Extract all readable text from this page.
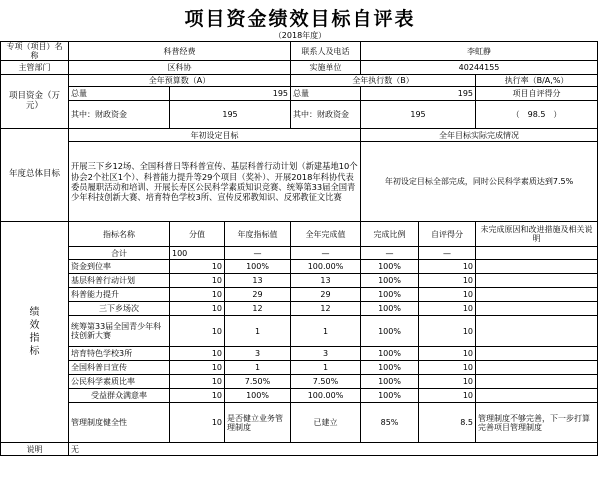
项目资金绩效目标自评表
（2018年度）
专项（项目）名称	科普经费			联系人及电话	李虹静		
主管部门	区科协			实施单位	40244155		
项目资金（万元）	全年预算数（A）			全年执行数（B）			执行率（B/A,%）
	总量	195		总量	195		项目自评得分
	其中：财政资金	195		其中：财政资金	195		（　98.5　）
年度总体目标	年初设定目标				全年目标实际完成情况		
	开展三下乡12场、全国科普日等科普宣传、基层科普行动计划（新建基地10个协会2个社区1个）、科普能力提升等29个项目（奖补）、开展2018年科协代表委员履职活动和培训、开展长寿区公民科学素质知识竞赛、统筹第33届全国青少年科技创新大赛、培育特色学校3所、宣传反邪教知识、反邪教征文比赛				年初设定目标全部完成，同时公民科学素质达到7.5%		
绩效指标	指标名称	分值	年度指标值	全年完成值	完成比例	自评得分	未完成原因和改进措施及相关说明
	合计	100	—	—	—	—	
	资金到位率	10	100%	100.00%	100%	10	
	基层科普行动计划	10	13	13	100%	10	
	科普能力提升	10	29	29	100%	10	
	三下乡场次	10	12	12	100%	10	
	统筹第33届全国青少年科技创新大赛	10	1	1	100%	10	
	培育特色学校3所	10	3	3	100%	10	
	全国科普日宣传	10	1	1	100%	10	
	公民科学素质比率	10	7.50%	7.50%	100%	10	
	受益群众满意率	10	100%	100.00%	100%	10	
	管理制度健全性	10	是否健立业务管理制度	已建立	85%	8.5	管理制度不够完善，下一步打算完善项目管理制度
说明	无						
